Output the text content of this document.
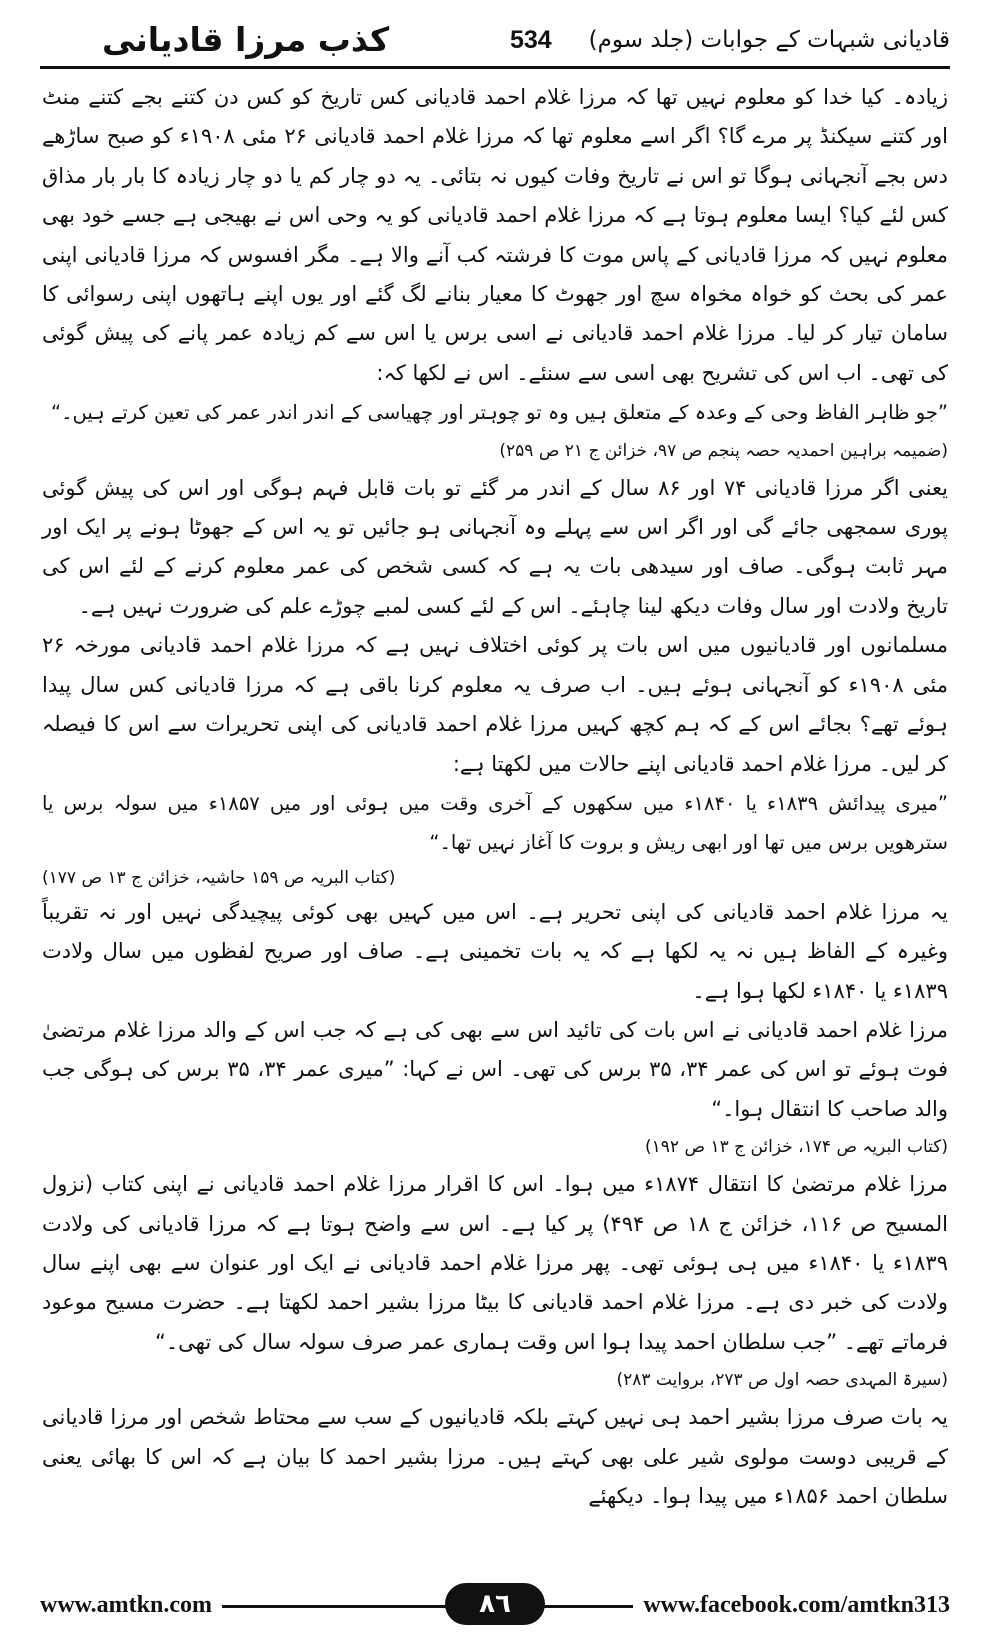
کذب مرزا قادیانی	534 قادیانی شبہات کے جوابات (جلد سوم)

زیادہ۔ کیا خدا کو معلوم نہیں تھا کہ مرزا غلام احمد قادیانی کس تاریخ کو کس دن کتنے بجے کتنے منٹ اور کتنے سیکنڈ پر مرے گا؟ اگر اسے معلوم تھا کہ مرزا غلام احمد قادیانی ۲۶ مئی ۱۹۰۸ء کو صبح ساڑھے دس بجے آنجہانی ہوگا تو اس نے تاریخ وفات کیوں نہ بتائی۔ یہ دو چار کم یا دو چار زیادہ کا بار بار مذاق کس لئے کیا؟ ایسا معلوم ہوتا ہے کہ مرزا غلام احمد قادیانی کو یہ وحی اس نے بھیجی ہے جسے خود بھی معلوم نہیں کہ مرزا قادیانی کے پاس موت کا فرشتہ کب آنے والا ہے۔ مگر افسوس کہ مرزا قادیانی اپنی عمر کی بحث کو خواہ مخواہ سچ اور جھوٹ کا معیار بنانے لگ گئے اور یوں اپنے ہاتھوں اپنی رسوائی کا سامان تیار کر لیا۔ مرزا غلام احمد قادیانی نے اسی برس یا اس سے کم زیادہ عمر پانے کی پیش گوئی کی تھی۔ اب اس کی تشریح بھی اسی سے سنئے۔ اس نے لکھا کہ:

”جو ظاہر الفاظ وحی کے وعدہ کے متعلق ہیں وہ تو چوہتر اور چھیاسی کے اندر اندر عمر کی تعین کرتے ہیں۔“

(ضمیمہ براہین احمدیہ حصہ پنجم ص ۹۷، خزائن ج ۲۱ ص ۲۵۹)

یعنی اگر مرزا قادیانی ۷۴ اور ۸۶ سال کے اندر مر گئے تو بات قابل فہم ہوگی اور اس کی پیش گوئی پوری سمجھی جائے گی اور اگر اس سے پہلے وہ آنجہانی ہو جائیں تو یہ اس کے جھوٹا ہونے پر ایک اور مہر ثابت ہوگی۔ صاف اور سیدھی بات یہ ہے کہ کسی شخص کی عمر معلوم کرنے کے لئے اس کی تاریخ ولادت اور سال وفات دیکھ لینا چاہئے۔ اس کے لئے کسی لمبے چوڑے علم کی ضرورت نہیں ہے۔

مسلمانوں اور قادیانیوں میں اس بات پر کوئی اختلاف نہیں ہے کہ مرزا غلام احمد قادیانی مورخہ ۲۶ مئی ۱۹۰۸ء کو آنجہانی ہوئے ہیں۔ اب صرف یہ معلوم کرنا باقی ہے کہ مرزا قادیانی کس سال پیدا ہوئے تھے؟ بجائے اس کے کہ ہم کچھ کہیں مرزا غلام احمد قادیانی کی اپنی تحریرات سے اس کا فیصلہ کر لیں۔ مرزا غلام احمد قادیانی اپنے حالات میں لکھتا ہے:

”میری پیدائش ۱۸۳۹ء یا ۱۸۴۰ء میں سکھوں کے آخری وقت میں ہوئی اور میں ۱۸۵۷ء میں سولہ برس یا سترھویں برس میں تھا اور ابھی ریش و بروت کا آغاز نہیں تھا۔“

(کتاب البریہ ص ۱۵۹ حاشیہ، خزائن ج ۱۳ ص ۱۷۷)

یہ مرزا غلام احمد قادیانی کی اپنی تحریر ہے۔ اس میں کہیں بھی کوئی پیچیدگی نہیں اور نہ تقریباً وغیرہ کے الفاظ ہیں نہ یہ لکھا ہے کہ یہ بات تخمینی ہے۔ صاف اور صریح لفظوں میں سال ولادت ۱۸۳۹ء یا ۱۸۴۰ء لکھا ہوا ہے۔

مرزا غلام احمد قادیانی نے اس بات کی تائید اس سے بھی کی ہے کہ جب اس کے والد مرزا غلام مرتضیٰ فوت ہوئے تو اس کی عمر ۳۴، ۳۵ برس کی تھی۔ اس نے کہا: ”میری عمر ۳۴، ۳۵ برس کی ہوگی جب والد صاحب کا انتقال ہوا۔“

(کتاب البریہ ص ۱۷۴، خزائن ج ۱۳ ص ۱۹۲)

مرزا غلام مرتضیٰ کا انتقال ۱۸۷۴ء میں ہوا۔ اس کا اقرار مرزا غلام احمد قادیانی نے اپنی کتاب (نزول المسیح ص ۱۱۶، خزائن ج ۱۸ ص ۴۹۴) پر کیا ہے۔ اس سے واضح ہوتا ہے کہ مرزا قادیانی کی ولادت ۱۸۳۹ء یا ۱۸۴۰ء میں ہی ہوئی تھی۔ پھر مرزا غلام احمد قادیانی نے ایک اور عنوان سے بھی اپنے سال ولادت کی خبر دی ہے۔ مرزا غلام احمد قادیانی کا بیٹا مرزا بشیر احمد لکھتا ہے۔ حضرت مسیح موعود فرماتے تھے۔ ”جب سلطان احمد پیدا ہوا اس وقت ہماری عمر صرف سولہ سال کی تھی۔“

(سیرۃ المہدی حصہ اول ص ۲۷۳، بروایت ۲۸۳)

یہ بات صرف مرزا بشیر احمد ہی نہیں کہتے بلکہ قادیانیوں کے سب سے محتاط شخص اور مرزا قادیانی کے قریبی دوست مولوی شیر علی بھی کہتے ہیں۔ مرزا بشیر احمد کا بیان ہے کہ اس کا بھائی یعنی سلطان احمد ۱۸۵۶ء میں پیدا ہوا۔ دیکھئے

www.amtkn.com	٨٦	www.facebook.com/amtkn313
